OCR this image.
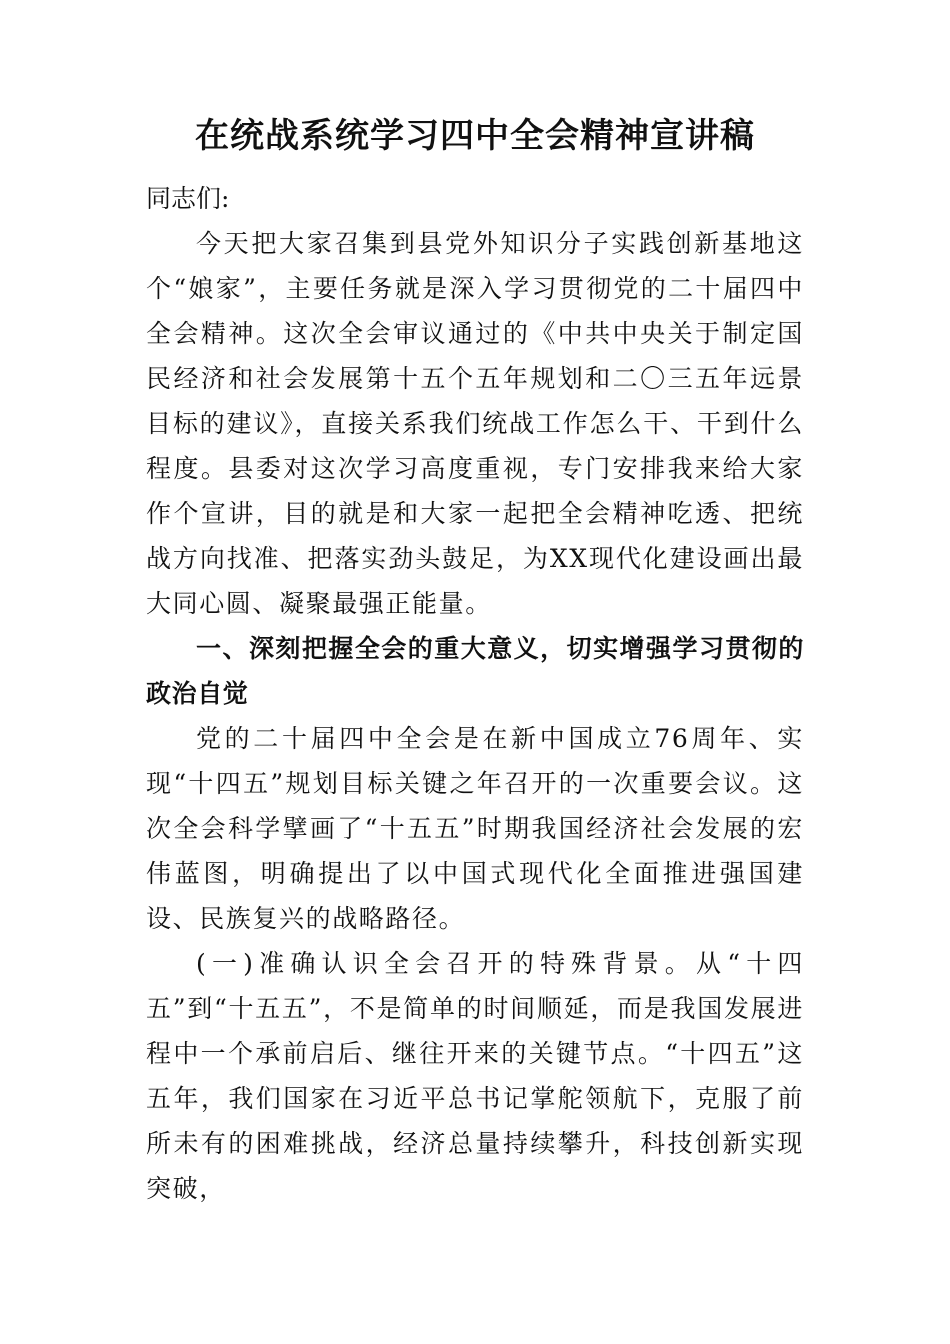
在统战系统学习四中全会精神宣讲稿

同志们:

今天把大家召集到县党外知识分子实践创新基地这个“娘家”，主要任务就是深入学习贯彻党的二十届四中全会精神。这次全会审议通过的《中共中央关于制定国民经济和社会发展第十五个五年规划和二〇三五年远景目标的建议》，直接关系我们统战工作怎么干、干到什么程度。县委对这次学习高度重视，专门安排我来给大家作个宣讲，目的就是和大家一起把全会精神吃透、把统战方向找准、把落实劲头鼓足，为XX现代化建设画出最大同心圆、凝聚最强正能量。

一、深刻把握全会的重大意义，切实增强学习贯彻的政治自觉

党的二十届四中全会是在新中国成立76周年、实现“十四五”规划目标关键之年召开的一次重要会议。这次全会科学擘画了“十五五”时期我国经济社会发展的宏伟蓝图，明确提出了以中国式现代化全面推进强国建设、民族复兴的战略路径。

(一)准确认识全会召开的特殊背景。从“十四五”到“十五五”，不是简单的时间顺延，而是我国发展进程中一个承前启后、继往开来的关键节点。“十四五”这五年，我们国家在习近平总书记掌舵领航下，克服了前所未有的困难挑战，经济总量持续攀升，科技创新实现突破，
